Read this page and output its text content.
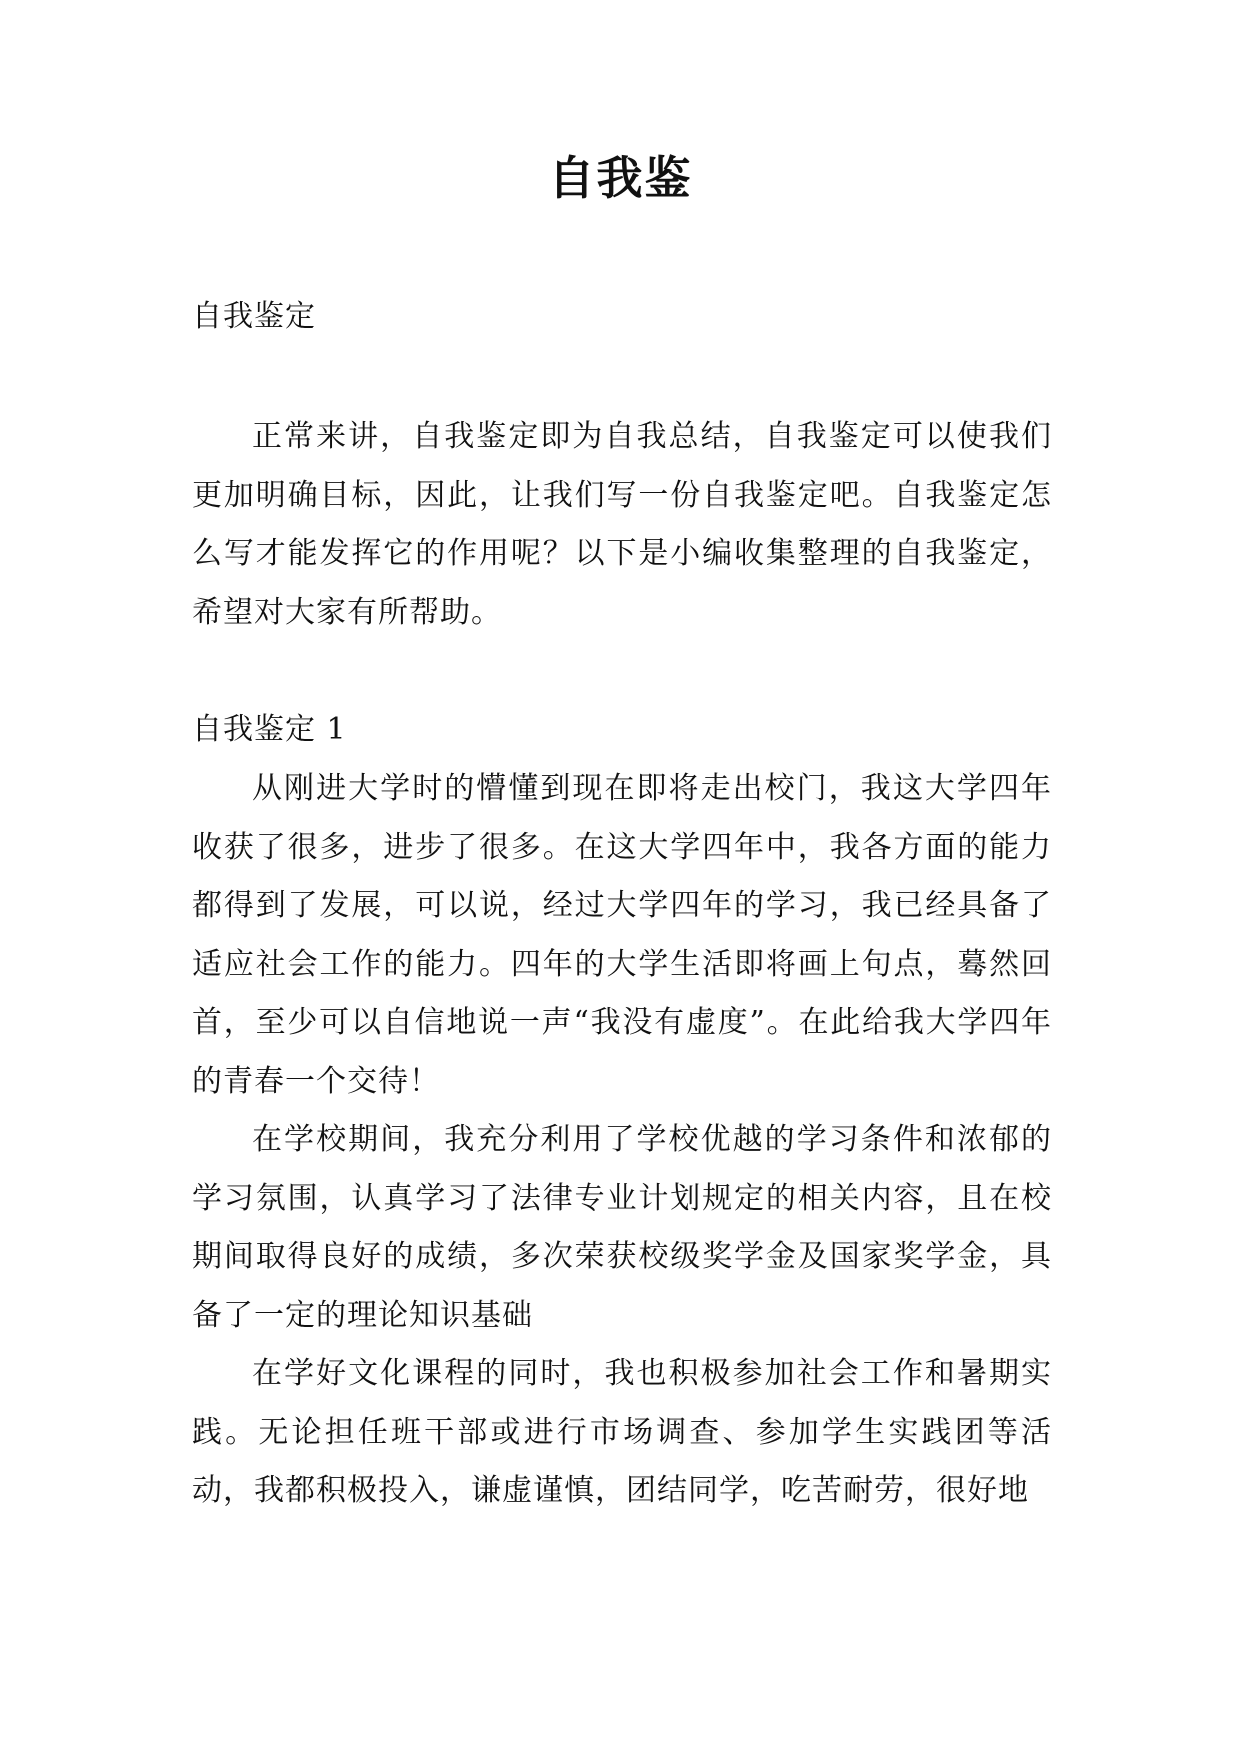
自我鉴

自我鉴定

正常来讲，自我鉴定即为自我总结，自我鉴定可以使我们更加明确目标，因此，让我们写一份自我鉴定吧。自我鉴定怎么写才能发挥它的作用呢？以下是小编收集整理的自我鉴定，希望对大家有所帮助。

自我鉴定 1

从刚进大学时的懵懂到现在即将走出校门，我这大学四年收获了很多，进步了很多。在这大学四年中，我各方面的能力都得到了发展，可以说，经过大学四年的学习，我已经具备了适应社会工作的能力。四年的大学生活即将画上句点，蓦然回首，至少可以自信地说一声“我没有虚度”。在此给我大学四年的青春一个交待！

在学校期间，我充分利用了学校优越的学习条件和浓郁的学习氛围，认真学习了法律专业计划规定的相关内容，且在校期间取得良好的成绩，多次荣获校级奖学金及国家奖学金，具备了一定的理论知识基础

在学好文化课程的同时，我也积极参加社会工作和暑期实践。无论担任班干部或进行市场调查、参加学生实践团等活动，我都积极投入，谦虚谨慎，团结同学，吃苦耐劳，很好地
